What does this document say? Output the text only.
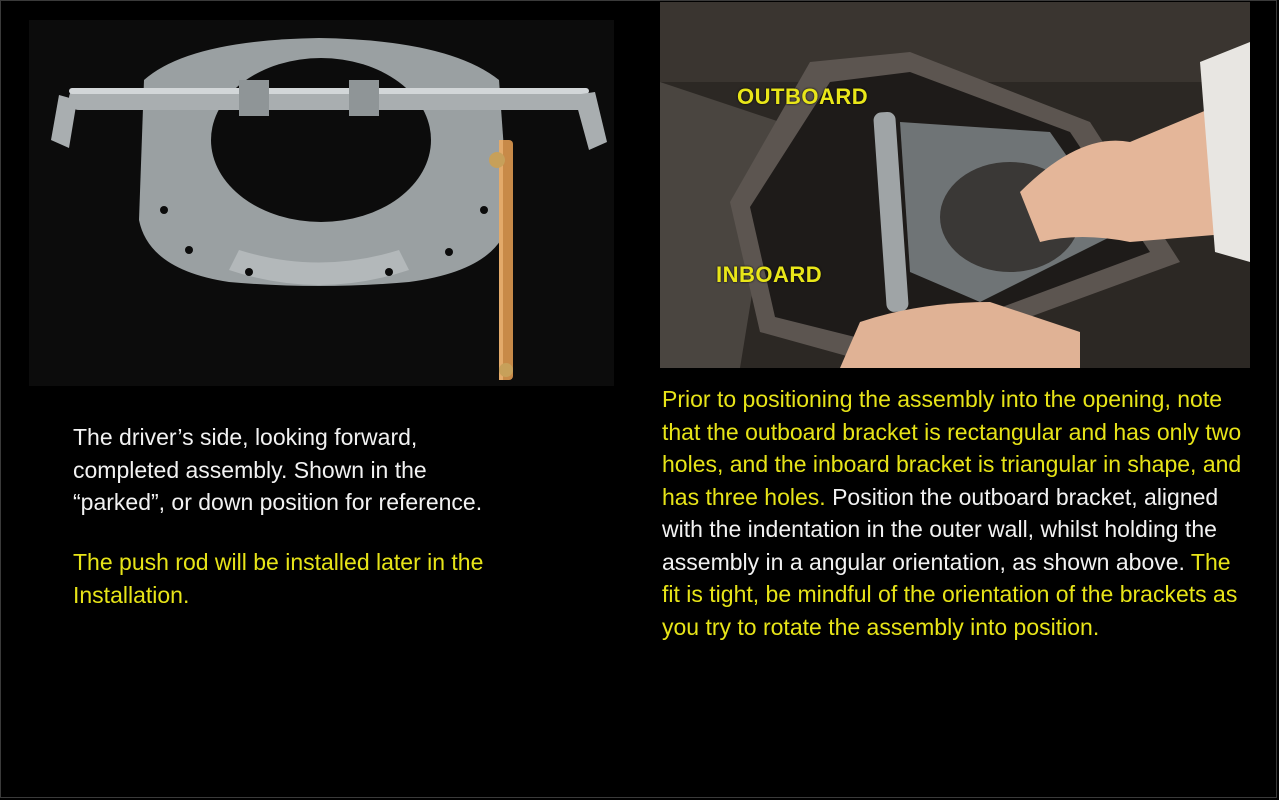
OUTBOARD
INBOARD
The driver’s side, looking forward,
completed assembly. Shown in the
“parked”, or down position for reference.
The push rod will be installed later in the
Installation.
Prior to positioning the assembly into the opening, note that the outboard bracket is rectangular and has only two holes, and the inboard bracket is triangular in shape, and has three holes. Position the outboard bracket, aligned with the indentation in the outer wall, whilst holding the assembly in a angular orientation, as shown above. The fit is tight, be mindful of the orientation of the brackets as you try to rotate the assembly into position.
